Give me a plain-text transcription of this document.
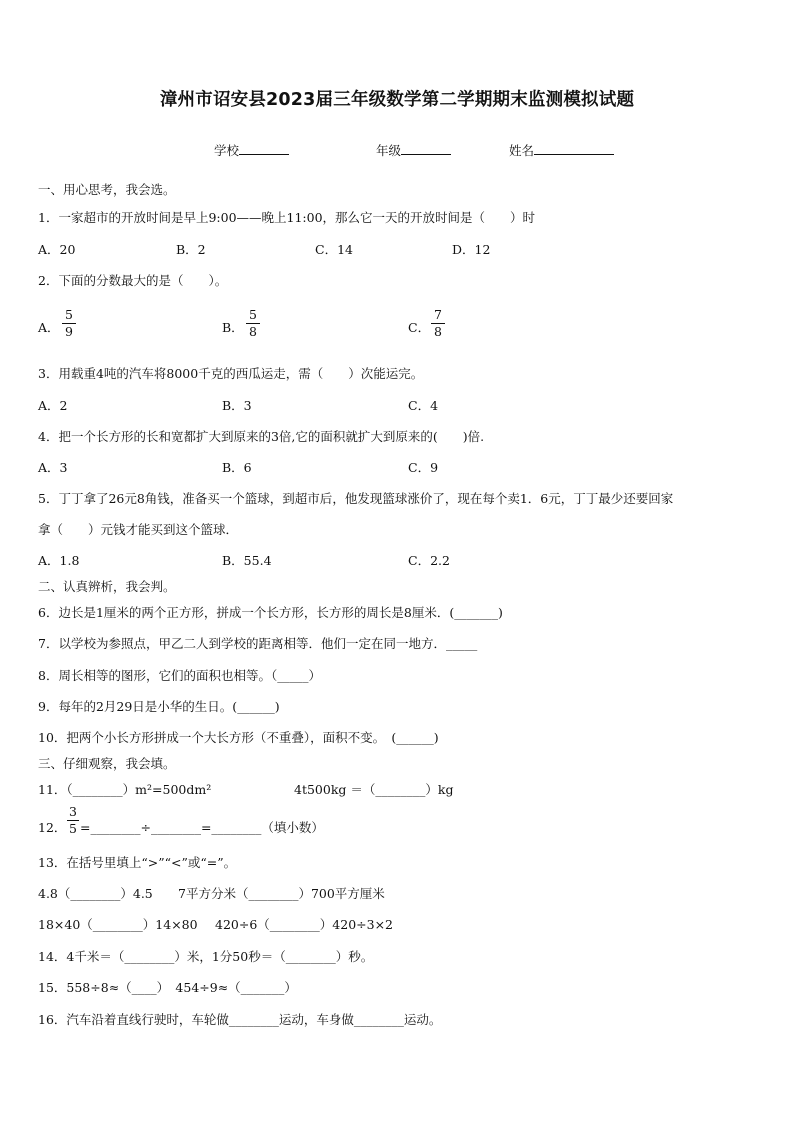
漳州市诏安县2023届三年级数学第二学期期末监测模拟试题
学校	年级	姓名
一、用心思考，我会选。
1．一家超市的开放时间是早上9:00——晚上11:00，那么它一天的开放时间是（　　）时
A．20	B．2	C．14	D．12
2．下面的分数最大的是（　　）。
A．
5
9	B．
5
8	C．
7
8
3．用载重4吨的汽车将8000千克的西瓜运走，需（　　）次能运完。
A．2	B．3	C．4
4．把一个长方形的长和宽都扩大到原来的3倍,它的面积就扩大到原来的(　　)倍.
A．3	B．6	C．9
5．丁丁拿了26元8角钱，准备买一个篮球，到超市后，他发现篮球涨价了，现在每个卖1．6元，丁丁最少还要回家
拿（　　）元钱才能买到这个篮球．
A．1.8	B．55.4	C．2.2
二、认真辨析，我会判。
6．边长是1厘米的两个正方形，拼成一个长方形，长方形的周长是8厘米．(_______)
7．以学校为参照点，甲乙二人到学校的距离相等．他们一定在同一地方．_____
8．周长相等的图形，它们的面积也相等。（_____）
9．每年的2月29日是小华的生日。(______)
10．把两个小长方形拼成一个大长方形（不重叠），面积不变。　(______)
三、仔细观察，我会填。
11．（________）m²=500dm²	4t500kg ＝（________）kg
12．
3
5 =________÷________=________（填小数）
13．在括号里填上“>”“<”或“=”。
4.8（________）4.5 7平方分米（________）700平方厘米
18×40（________）14×80 420÷6（________）420÷3×2
14．4千米＝（________）米，1分50秒＝（________）秒。
15．558÷8≈（____）　454÷9≈（_______）
16．汽车沿着直线行驶时，车轮做________运动，车身做________运动。
